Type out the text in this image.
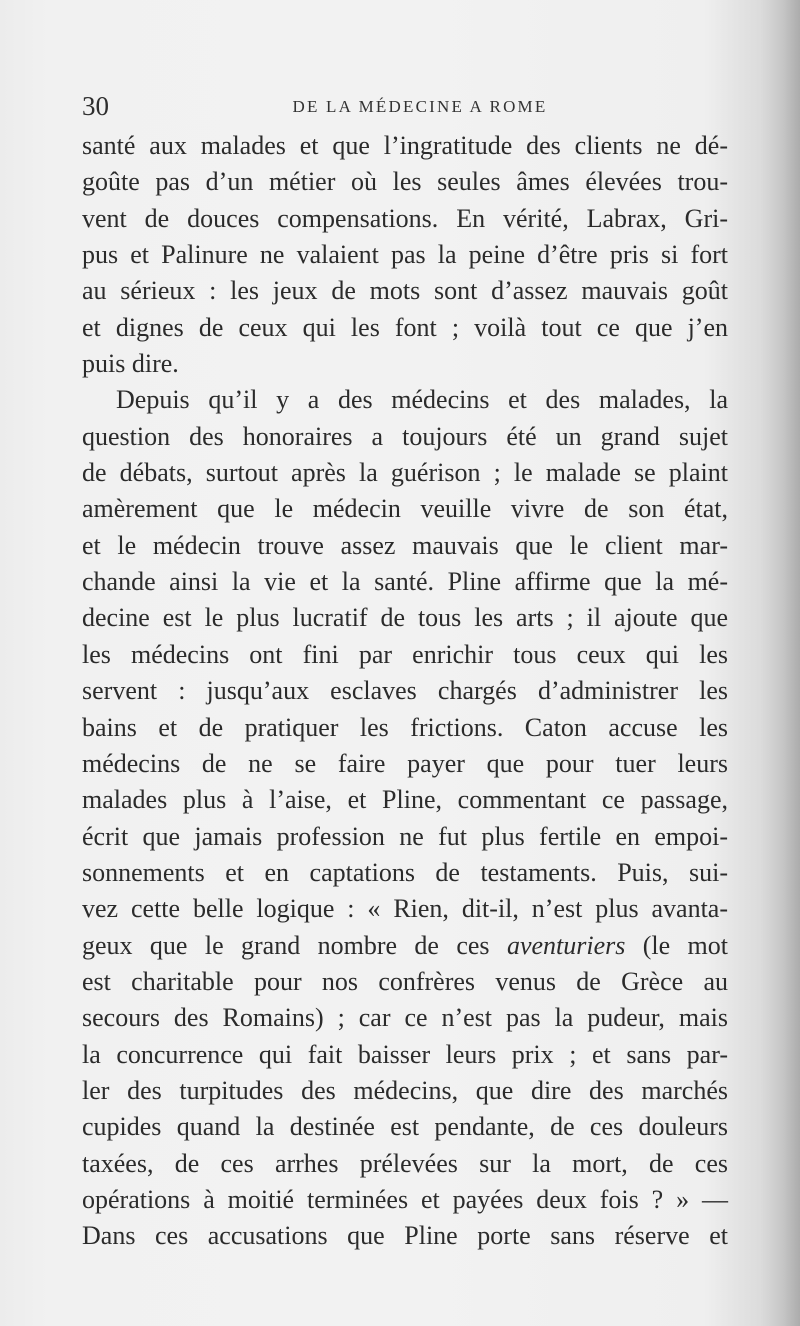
30	DE LA MÉDECINE A ROME
santé aux malades et que l’ingratitude des clients ne dé-
goûte pas d’un métier où les seules âmes élevées trou-
vent de douces compensations. En vérité, Labrax, Gri-
pus et Palinure ne valaient pas la peine d’être pris si fort
au sérieux : les jeux de mots sont d’assez mauvais goût
et dignes de ceux qui les font ; voilà tout ce que j’en
puis dire.
Depuis qu’il y a des médecins et des malades, la
question des honoraires a toujours été un grand sujet
de débats, surtout après la guérison ; le malade se plaint
amèrement que le médecin veuille vivre de son état,
et le médecin trouve assez mauvais que le client mar-
chande ainsi la vie et la santé. Pline affirme que la mé-
decine est le plus lucratif de tous les arts ; il ajoute que
les médecins ont fini par enrichir tous ceux qui les
servent : jusqu’aux esclaves chargés d’administrer les
bains et de pratiquer les frictions. Caton accuse les
médecins de ne se faire payer que pour tuer leurs
malades plus à l’aise, et Pline, commentant ce passage,
écrit que jamais profession ne fut plus fertile en empoi-
sonnements et en captations de testaments. Puis, sui-
vez cette belle logique : « Rien, dit-il, n’est plus avanta-
geux que le grand nombre de ces aventuriers (le mot
est charitable pour nos confrères venus de Grèce au
secours des Romains) ; car ce n’est pas la pudeur, mais
la concurrence qui fait baisser leurs prix ; et sans par-
ler des turpitudes des médecins, que dire des marchés
cupides quand la destinée est pendante, de ces douleurs
taxées, de ces arrhes prélevées sur la mort, de ces
opérations à moitié terminées et payées deux fois ? » —
Dans ces accusations que Pline porte sans réserve et
